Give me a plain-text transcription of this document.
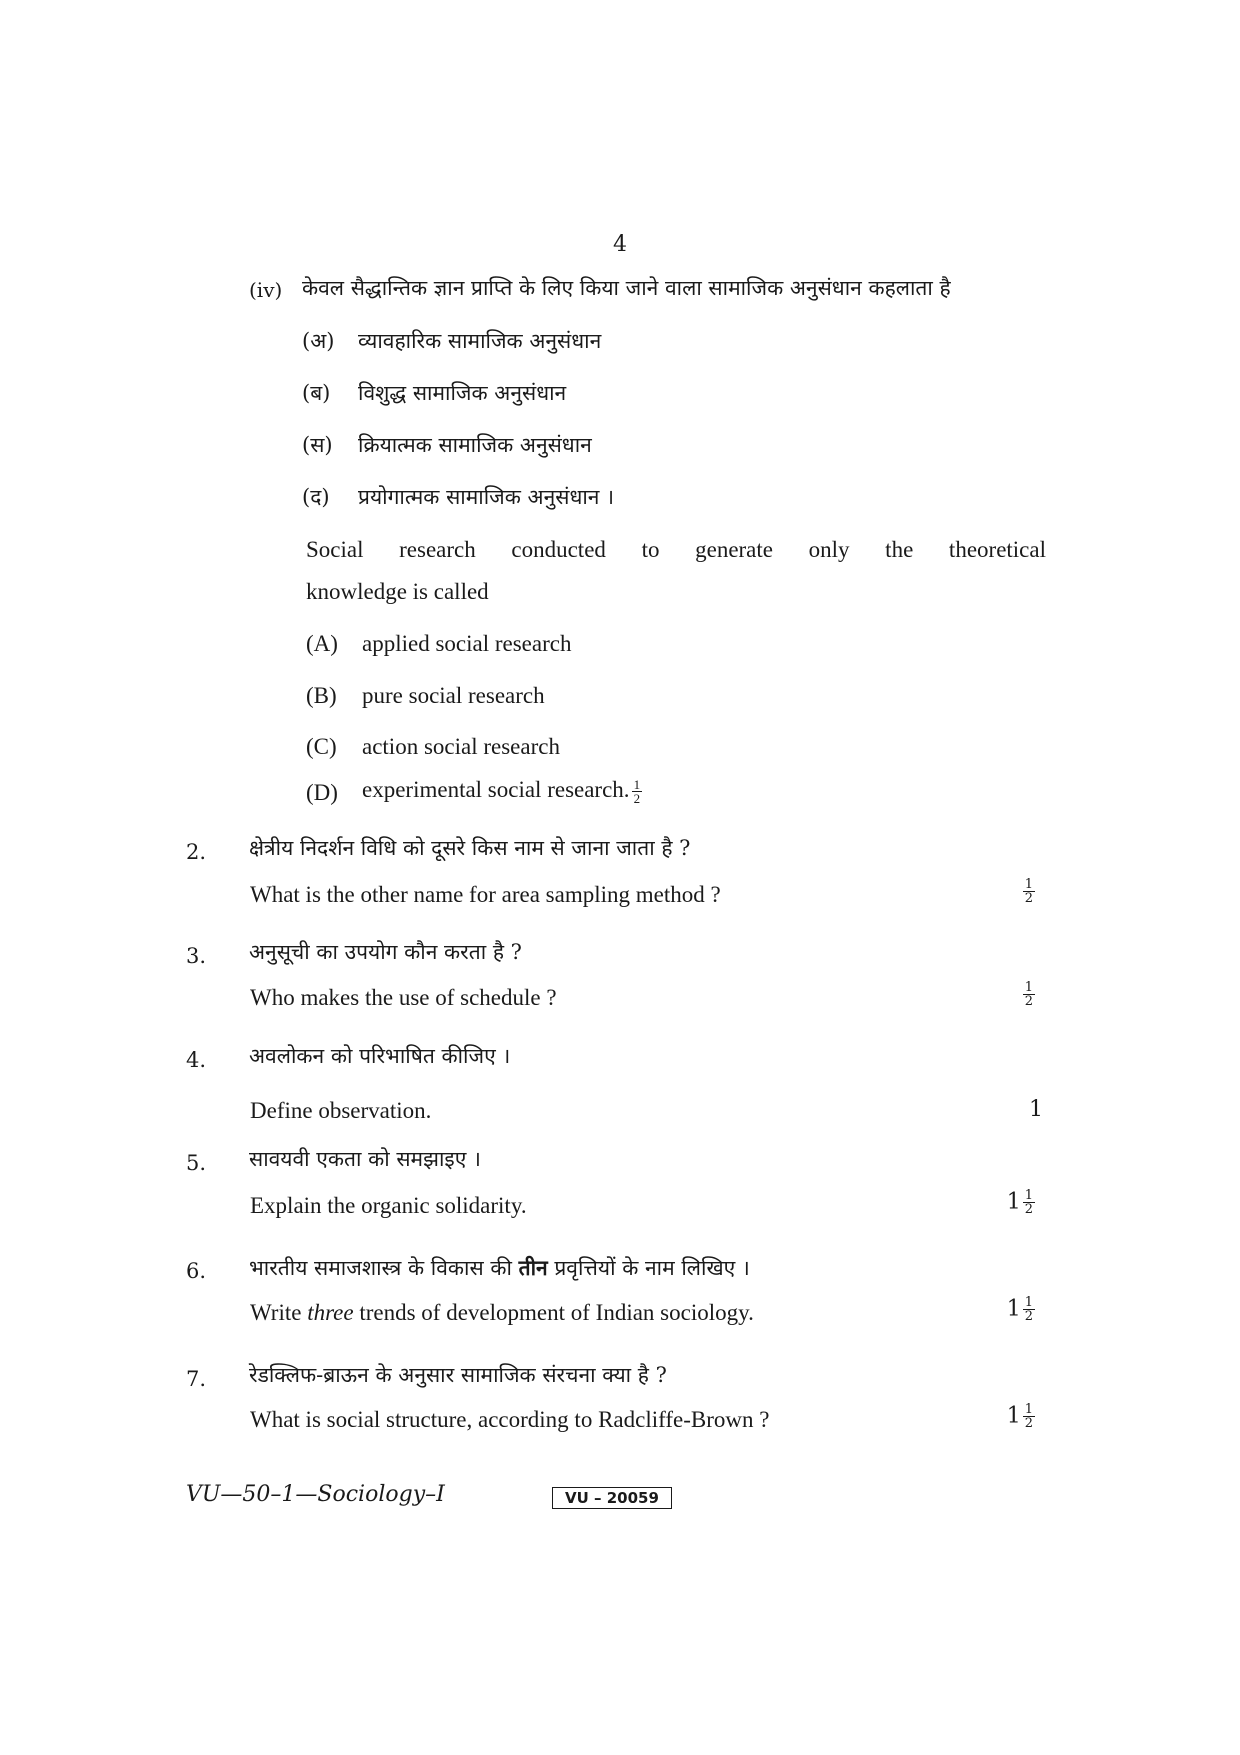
4
(iv) केवल सैद्धान्तिक ज्ञान प्राप्ति के लिए किया जाने वाला सामाजिक अनुसंधान कहलाता है
(अ) व्यावहारिक सामाजिक अनुसंधान
(ब) विशुद्ध सामाजिक अनुसंधान
(स) क्रियात्मक सामाजिक अनुसंधान
(द) प्रयोगात्मक सामाजिक अनुसंधान ।
Social research conducted to generate only the theoretical
knowledge is called
(A) applied social research
(B) pure social research
(C) action social research
(D) experimental social research. $\frac{1}{2}$
2. क्षेत्रीय निदर्शन विधि को दूसरे किस नाम से जाना जाता है ?
What is the other name for area sampling method ?	$\frac{1}{2}$
3. अनुसूची का उपयोग कौन करता है ?
Who makes the use of schedule ?	$\frac{1}{2}$
4. अवलोकन को परिभाषित कीजिए ।
Define observation.	1
5. सावयवी एकता को समझाइए ।
Explain the organic solidarity.	$1 \frac{1}{2}$
6. भारतीय समाजशास्त्र के विकास की तीन प्रवृत्तियों के नाम लिखिए ।
Write three trends of development of Indian sociology.	$1 \frac{1}{2}$
7. रेडक्लिफ-ब्राऊन के अनुसार सामाजिक संरचना क्या है ?
What is social structure, according to Radcliffe-Brown ?	$1 \frac{1}{2}$
VU—50–1—Sociology–I	VU – 20059
